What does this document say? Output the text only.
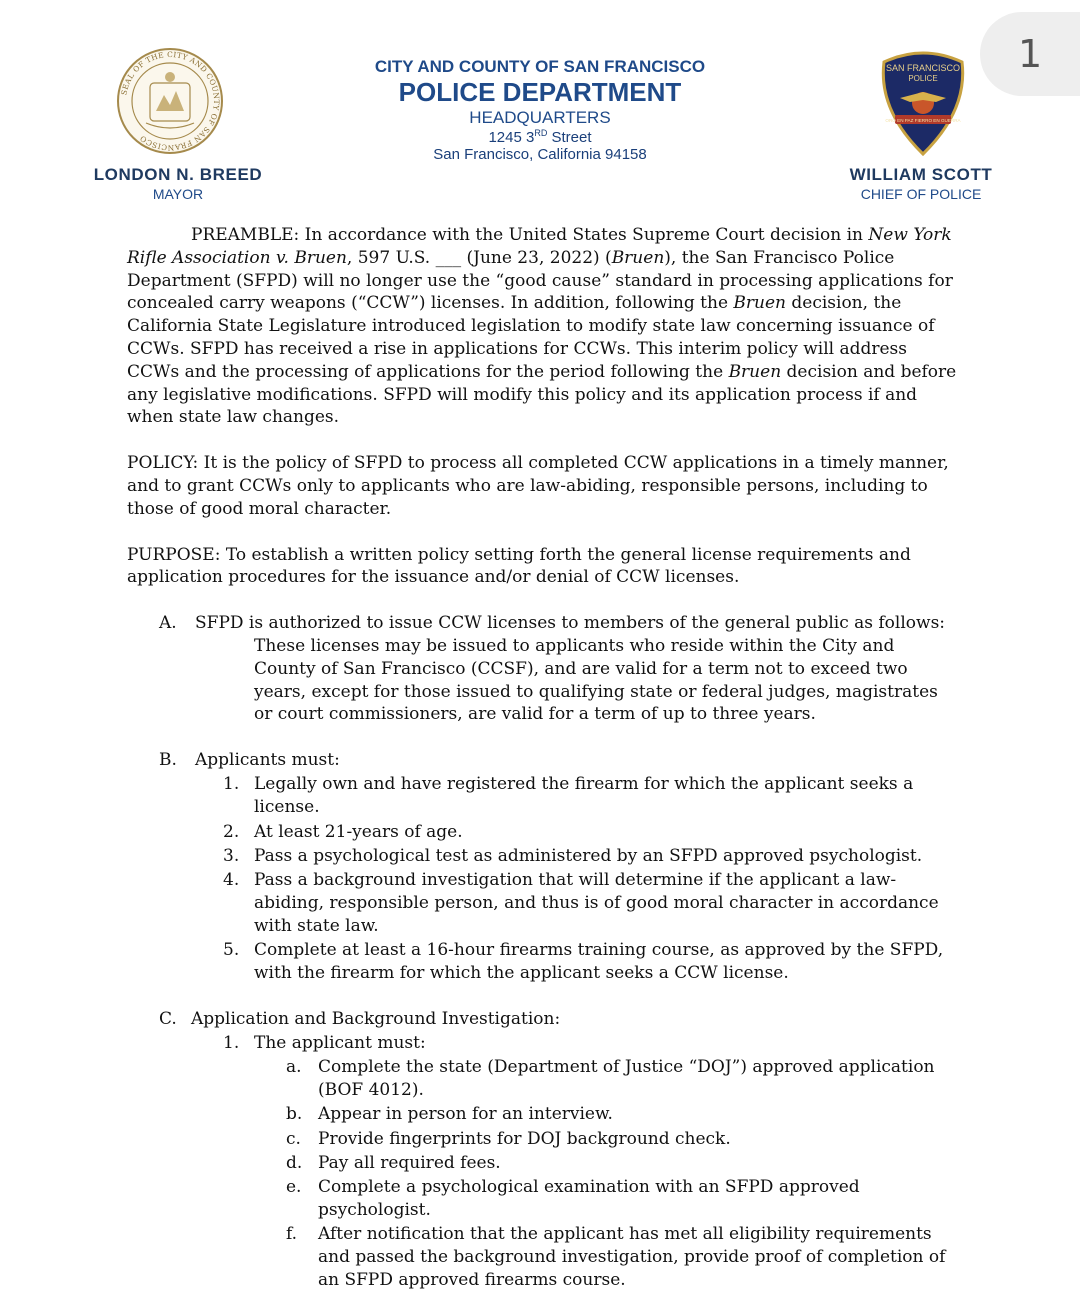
1
SEAL OF THE CITY AND COUNTY OF SAN FRANCISCO
CITY AND COUNTY OF SAN FRANCISCO
POLICE DEPARTMENT
HEADQUARTERS
1245 3RD Street
San Francisco, California 94158
SAN FRANCISCO
POLICE
ORO EN PAZ FIERRO EN GUERRA
LONDON N. BREED
MAYOR
WILLIAM SCOTT
CHIEF OF POLICE

PREAMBLE: In accordance with the United States Supreme Court decision in New York Rifle Association v. Bruen, 597 U.S. ___ (June 23, 2022) (Bruen), the San Francisco Police Department (SFPD) will no longer use the “good cause” standard in processing applications for concealed carry weapons (“CCW”) licenses. In addition, following the Bruen decision, the California State Legislature introduced legislation to modify state law concerning issuance of CCWs. SFPD has received a rise in applications for CCWs. This interim policy will address CCWs and the processing of applications for the period following the Bruen decision and before any legislative modifications. SFPD will modify this policy and its application process if and when state law changes.

POLICY: It is the policy of SFPD to process all completed CCW applications in a timely manner, and to grant CCWs only to applicants who are law-abiding, responsible persons, including to those of good moral character.

PURPOSE: To establish a written policy setting forth the general license requirements and application procedures for the issuance and/or denial of CCW licenses.

A. SFPD is authorized to issue CCW licenses to members of the general public as follows:

These licenses may be issued to applicants who reside within the City and County of San Francisco (CCSF), and are valid for a term not to exceed two years, except for those issued to qualifying state or federal judges, magistrates or court commissioners, are valid for a term of up to three years.

B. Applicants must:

1. Legally own and have registered the firearm for which the applicant seeks a license.

2. At least 21-years of age.

3. Pass a psychological test as administered by an SFPD approved psychologist.

4. Pass a background investigation that will determine if the applicant a law-abiding, responsible person, and thus is of good moral character in accordance with state law.

5. Complete at least a 16-hour firearms training course, as approved by the SFPD, with the firearm for which the applicant seeks a CCW license.

C. Application and Background Investigation:

1. The applicant must:

a. Complete the state (Department of Justice “DOJ”) approved application (BOF 4012).

b. Appear in person for an interview.

c. Provide fingerprints for DOJ background check.

d. Pay all required fees.

e. Complete a psychological examination with an SFPD approved psychologist.

f. After notification that the applicant has met all eligibility requirements and passed the background investigation, provide proof of completion of an SFPD approved firearms course.
